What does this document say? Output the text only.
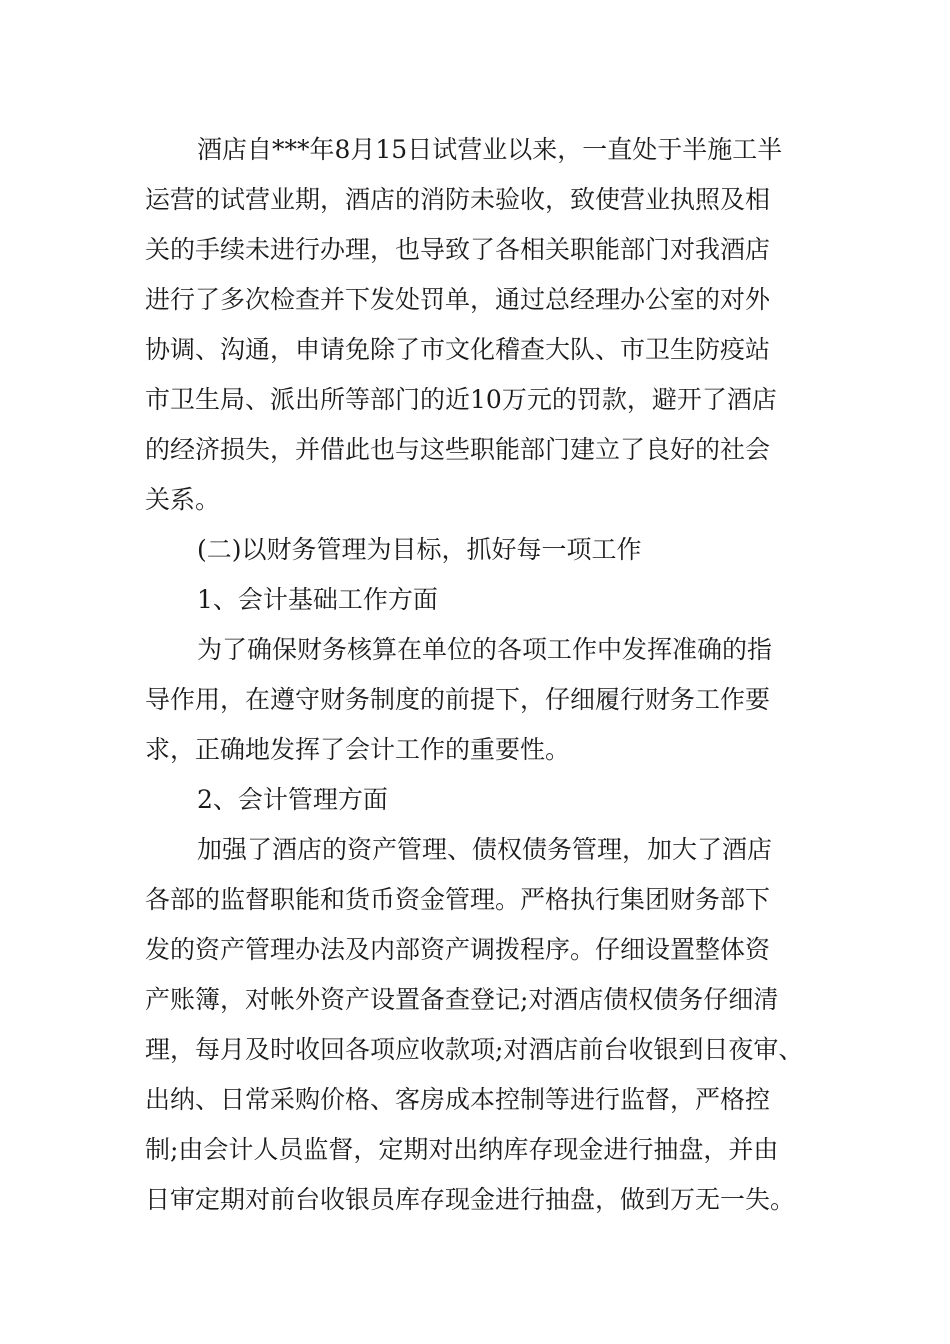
酒店自***年8月15日试营业以来，一直处于半施工半

运营的试营业期，酒店的消防未验收，致使营业执照及相

关的手续未进行办理，也导致了各相关职能部门对我酒店

进行了多次检查并下发处罚单，通过总经理办公室的对外

协调、沟通，申请免除了市文化稽查大队、市卫生防疫站

市卫生局、派出所等部门的近10万元的罚款，避开了酒店

的经济损失，并借此也与这些职能部门建立了良好的社会

关系。

(二)以财务管理为目标，抓好每一项工作

1、会计基础工作方面

为了确保财务核算在单位的各项工作中发挥准确的指

导作用，在遵守财务制度的前提下，仔细履行财务工作要

求，正确地发挥了会计工作的重要性。

2、会计管理方面

加强了酒店的资产管理、债权债务管理，加大了酒店

各部的监督职能和货币资金管理。严格执行集团财务部下

发的资产管理办法及内部资产调拨程序。仔细设置整体资

产账簿，对帐外资产设置备查登记;对酒店债权债务仔细清

理，每月及时收回各项应收款项;对酒店前台收银到日夜审、

出纳、日常采购价格、客房成本控制等进行监督，严格控

制;由会计人员监督，定期对出纳库存现金进行抽盘，并由

日审定期对前台收银员库存现金进行抽盘，做到万无一失。
